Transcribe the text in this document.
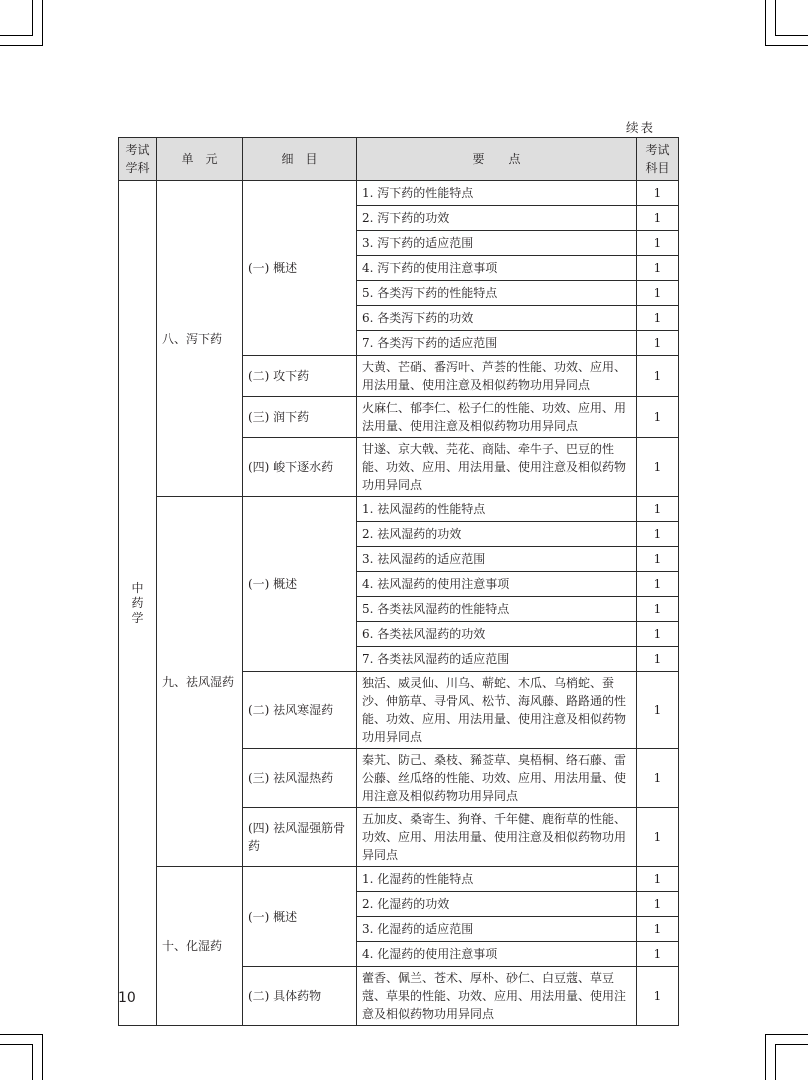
续表
考试学科	单　元	细　目	要　　点	考试科目

中药学	八、泻下药	(一) 概述	1. 泻下药的性能特点	1
			2. 泻下药的功效	1
			3. 泻下药的适应范围	1
			4. 泻下药的使用注意事项	1
			5. 各类泻下药的性能特点	1
			6. 各类泻下药的功效	1
			7. 各类泻下药的适应范围	1
		(二) 攻下药	大黄、芒硝、番泻叶、芦荟的性能、功效、应用、用法用量、使用注意及相似药物功用异同点	1
		(三) 润下药	火麻仁、郁李仁、松子仁的性能、功效、应用、用法用量、使用注意及相似药物功用异同点	1
		(四) 峻下逐水药	甘遂、京大戟、芫花、商陆、牵牛子、巴豆的性能、功效、应用、用法用量、使用注意及相似药物功用异同点	1
	九、祛风湿药	(一) 概述	1. 祛风湿药的性能特点	1
			2. 祛风湿药的功效	1
			3. 祛风湿药的适应范围	1
			4. 祛风湿药的使用注意事项	1
			5. 各类祛风湿药的性能特点	1
			6. 各类祛风湿药的功效	1
			7. 各类祛风湿药的适应范围	1
		(二) 祛风寒湿药	独活、威灵仙、川乌、蕲蛇、木瓜、乌梢蛇、蚕沙、伸筋草、寻骨风、松节、海风藤、路路通的性能、功效、应用、用法用量、使用注意及相似药物功用异同点	1
		(三) 祛风湿热药	秦艽、防己、桑枝、豨莶草、臭梧桐、络石藤、雷公藤、丝瓜络的性能、功效、应用、用法用量、使用注意及相似药物功用异同点	1
		(四) 祛风湿强筋骨药	五加皮、桑寄生、狗脊、千年健、鹿衔草的性能、功效、应用、用法用量、使用注意及相似药物功用异同点	1
	十、化湿药	(一) 概述	1. 化湿药的性能特点	1
			2. 化湿药的功效	1
			3. 化湿药的适应范围	1
			4. 化湿药的使用注意事项	1
		(二) 具体药物	藿香、佩兰、苍术、厚朴、砂仁、白豆蔻、草豆蔻、草果的性能、功效、应用、用法用量、使用注意及相似药物功用异同点	1
10
